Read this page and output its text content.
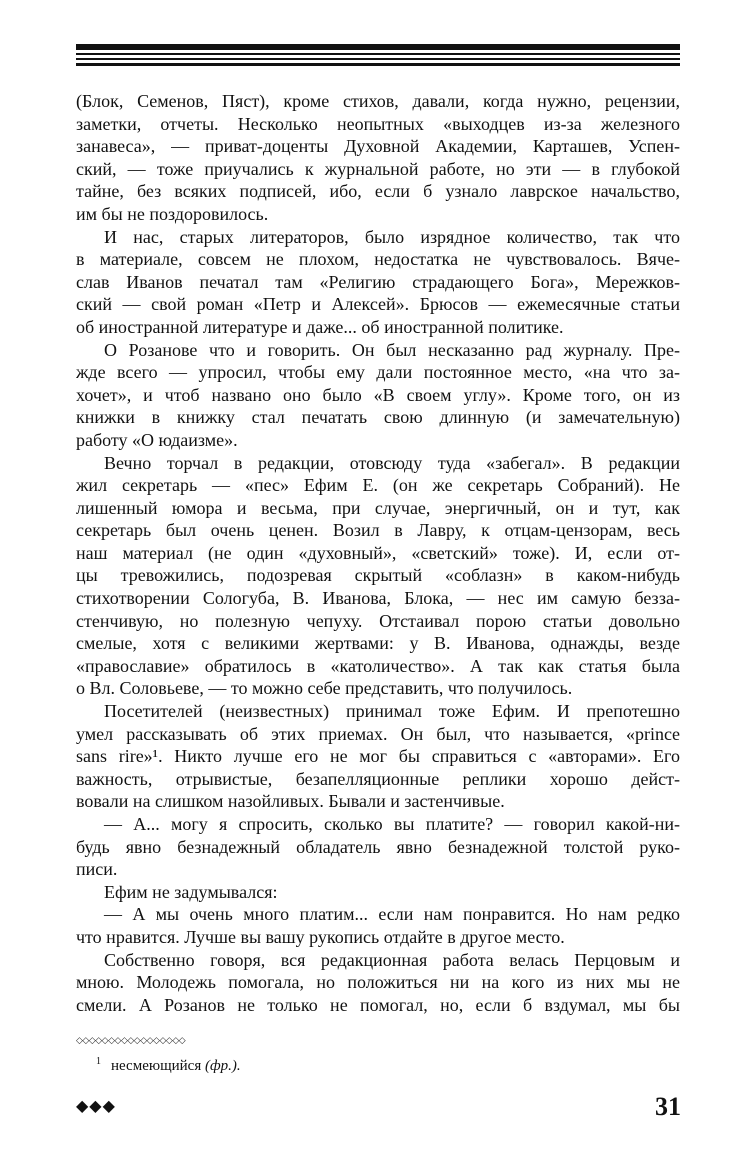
(Блок, Семенов, Пяст), кроме стихов, давали, когда нужно, рецензии,
заметки, отчеты. Несколько неопытных «выходцев из-за железного
занавеса», — приват-доценты Духовной Академии, Карташев, Успен-
ский, — тоже приучались к журнальной работе, но эти — в глубокой
тайне, без всяких подписей, ибо, если б узнало лаврское начальство,
им бы не поздоровилось.
И нас, старых литераторов, было изрядное количество, так что
в материале, совсем не плохом, недостатка не чувствовалось. Вяче-
слав Иванов печатал там «Религию страдающего Бога», Мережков-
ский — свой роман «Петр и Алексей». Брюсов — ежемесячные статьи
об иностранной литературе и даже... об иностранной политике.
О Розанове что и говорить. Он был несказанно рад журналу. Пре-
жде всего — упросил, чтобы ему дали постоянное место, «на что за-
хочет», и чтоб названо оно было «В своем углу». Кроме того, он из
книжки в книжку стал печатать свою длинную (и замечательную)
работу «О юдаизме».
Вечно торчал в редакции, отовсюду туда «забегал». В редакции
жил секретарь — «пес» Ефим Е. (он же секретарь Собраний). Не
лишенный юмора и весьма, при случае, энергичный, он и тут, как
секретарь был очень ценен. Возил в Лавру, к отцам-цензорам, весь
наш материал (не один «духовный», «светский» тоже). И, если от-
цы тревожились, подозревая скрытый «соблазн» в каком-нибудь
стихотворении Сологуба, В. Иванова, Блока, — нес им самую безза-
стенчивую, но полезную чепуху. Отстаивал порою статьи довольно
смелые, хотя с великими жертвами: у В. Иванова, однажды, везде
«православие» обратилось в «католичество». А так как статья была
о Вл. Соловьеве, — то можно себе представить, что получилось.
Посетителей (неизвестных) принимал тоже Ефим. И препотешно
умел рассказывать об этих приемах. Он был, что называется, «prince
sans rire»¹. Никто лучше его не мог бы справиться с «авторами». Его
важность, отрывистые, безапелляционные реплики хорошо дейст-
вовали на слишком назойливых. Бывали и застенчивые.
— А... могу я спросить, сколько вы платите? — говорил какой-ни-
будь явно безнадежный обладатель явно безнадежной толстой руко-
писи.
Ефим не задумывался:
— А мы очень много платим... если нам понравится. Но нам редко
что нравится. Лучше вы вашу рукопись отдайте в другое место.
Собственно говоря, вся редакционная работа велась Перцовым и
мною. Молодежь помогала, но положиться ни на кого из них мы не
смели. А Розанов не только не помогал, но, если б вздумал, мы бы
◇◇◇◇◇◇◇◇◇◇◇◇◇◇◇◇◇
$^1$ несмеющийся (фр.).
◆◆◆	31
